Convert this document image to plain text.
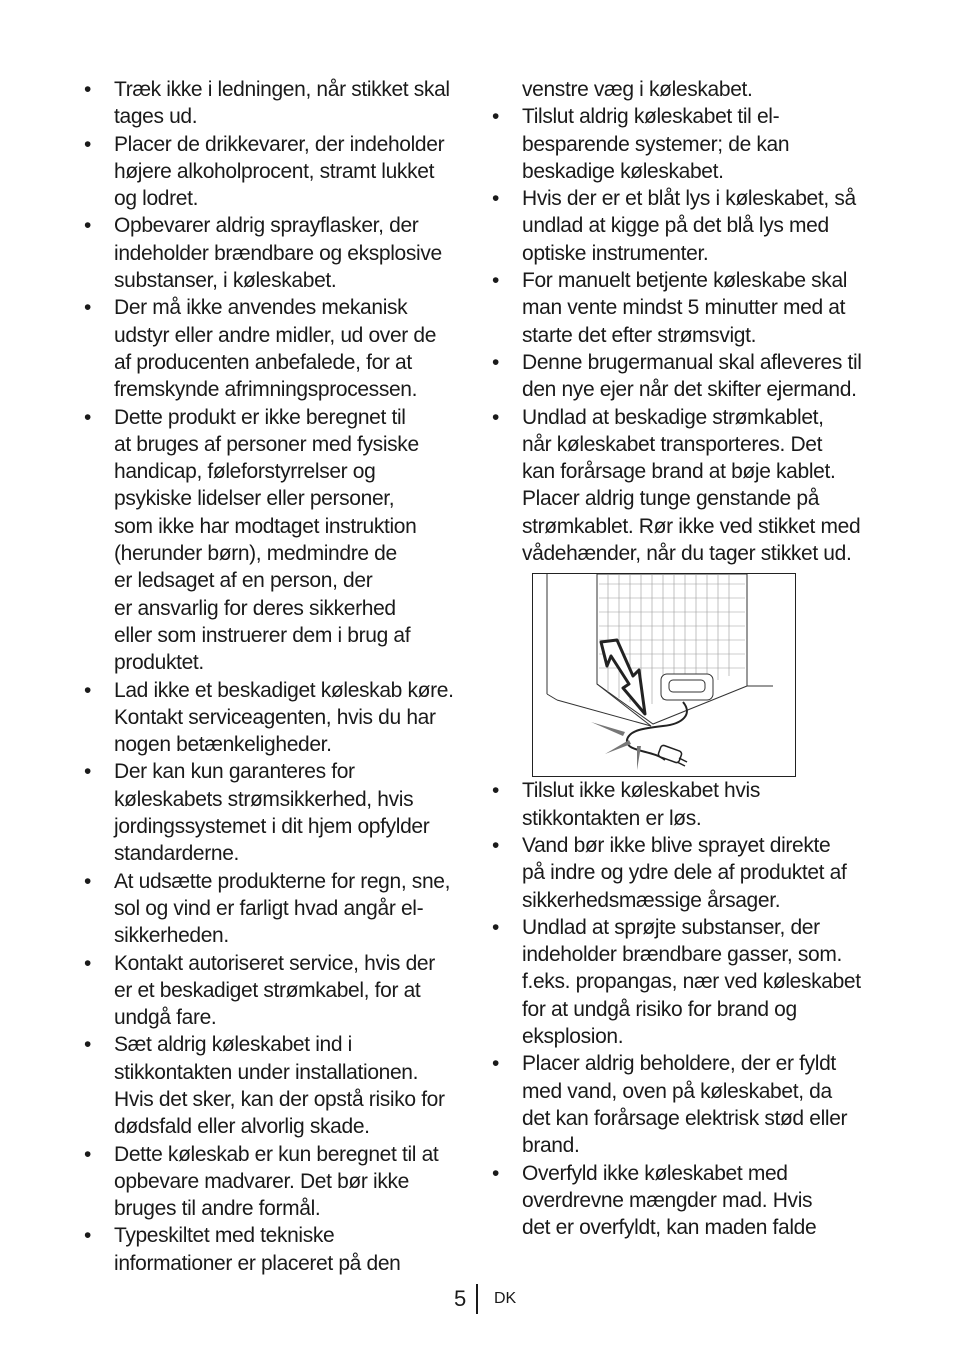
• Træk ikke i ledningen, når stikket skal
tages ud.
• Placer de drikkevarer, der indeholder
højere alkoholprocent, stramt lukket
og lodret.
• Opbevarer aldrig sprayflasker, der
indeholder brændbare og eksplosive
substanser, i køleskabet.
• Der må ikke anvendes mekanisk
udstyr eller andre midler, ud over de
af producenten anbefalede, for at
fremskynde afrimningsprocessen.
• Dette produkt er ikke beregnet til
at bruges af personer med fysiske
handicap, føleforstyrrelser og
psykiske lidelser eller personer,
som ikke har modtaget instruktion
(herunder børn), medmindre de
er ledsaget af en person, der
er ansvarlig for deres sikkerhed
eller som instruerer dem i brug af
produktet.
• Lad ikke et beskadiget køleskab køre.
Kontakt serviceagenten, hvis du har
nogen betænkeligheder.
• Der kan kun garanteres for
køleskabets strømsikkerhed, hvis
jordingssystemet i dit hjem opfylder
standarderne.
• At udsætte produkterne for regn, sne,
sol og vind er farligt hvad angår el-
sikkerheden.
• Kontakt autoriseret service, hvis der
er et beskadiget strømkabel, for at
undgå fare.
• Sæt aldrig køleskabet ind i
stikkontakten under installationen.
Hvis det sker, kan der opstå risiko for
dødsfald eller alvorlig skade.
• Dette køleskab er kun beregnet til at
opbevare madvarer. Det bør ikke
bruges til andre formål.
• Typeskiltet med tekniske
informationer er placeret på den
venstre væg i køleskabet.
• Tilslut aldrig køleskabet til el-
besparende systemer; de kan
beskadige køleskabet.
• Hvis der er et blåt lys i køleskabet, så
undlad at kigge på det blå lys med
optiske instrumenter.
• For manuelt betjente køleskabe skal
man vente mindst 5 minutter med at
starte det efter strømsvigt.
• Denne brugermanual skal afleveres til
den nye ejer når det skifter ejermand.
• Undlad at beskadige strømkablet,
når køleskabet transporteres. Det
kan forårsage brand at bøje kablet.
Placer aldrig tunge genstande på
strømkablet. Rør ikke ved stikket med
vådehænder, når du tager stikket ud.
• Tilslut ikke køleskabet hvis
stikkontakten er løs.
• Vand bør ikke blive sprayet direkte
på indre og ydre dele af produktet af
sikkerhedsmæssige årsager.
• Undlad at sprøjte substanser, der
indeholder brændbare gasser, som.
f.eks. propangas, nær ved køleskabet
for at undgå risiko for brand og
eksplosion.
• Placer aldrig beholdere, der er fyldt
med vand, oven på køleskabet, da
det kan forårsage elektrisk stød eller
brand.
• Overfyld ikke køleskabet med
overdrevne mængder mad. Hvis
det er overfyldt, kan maden falde
5 DK
